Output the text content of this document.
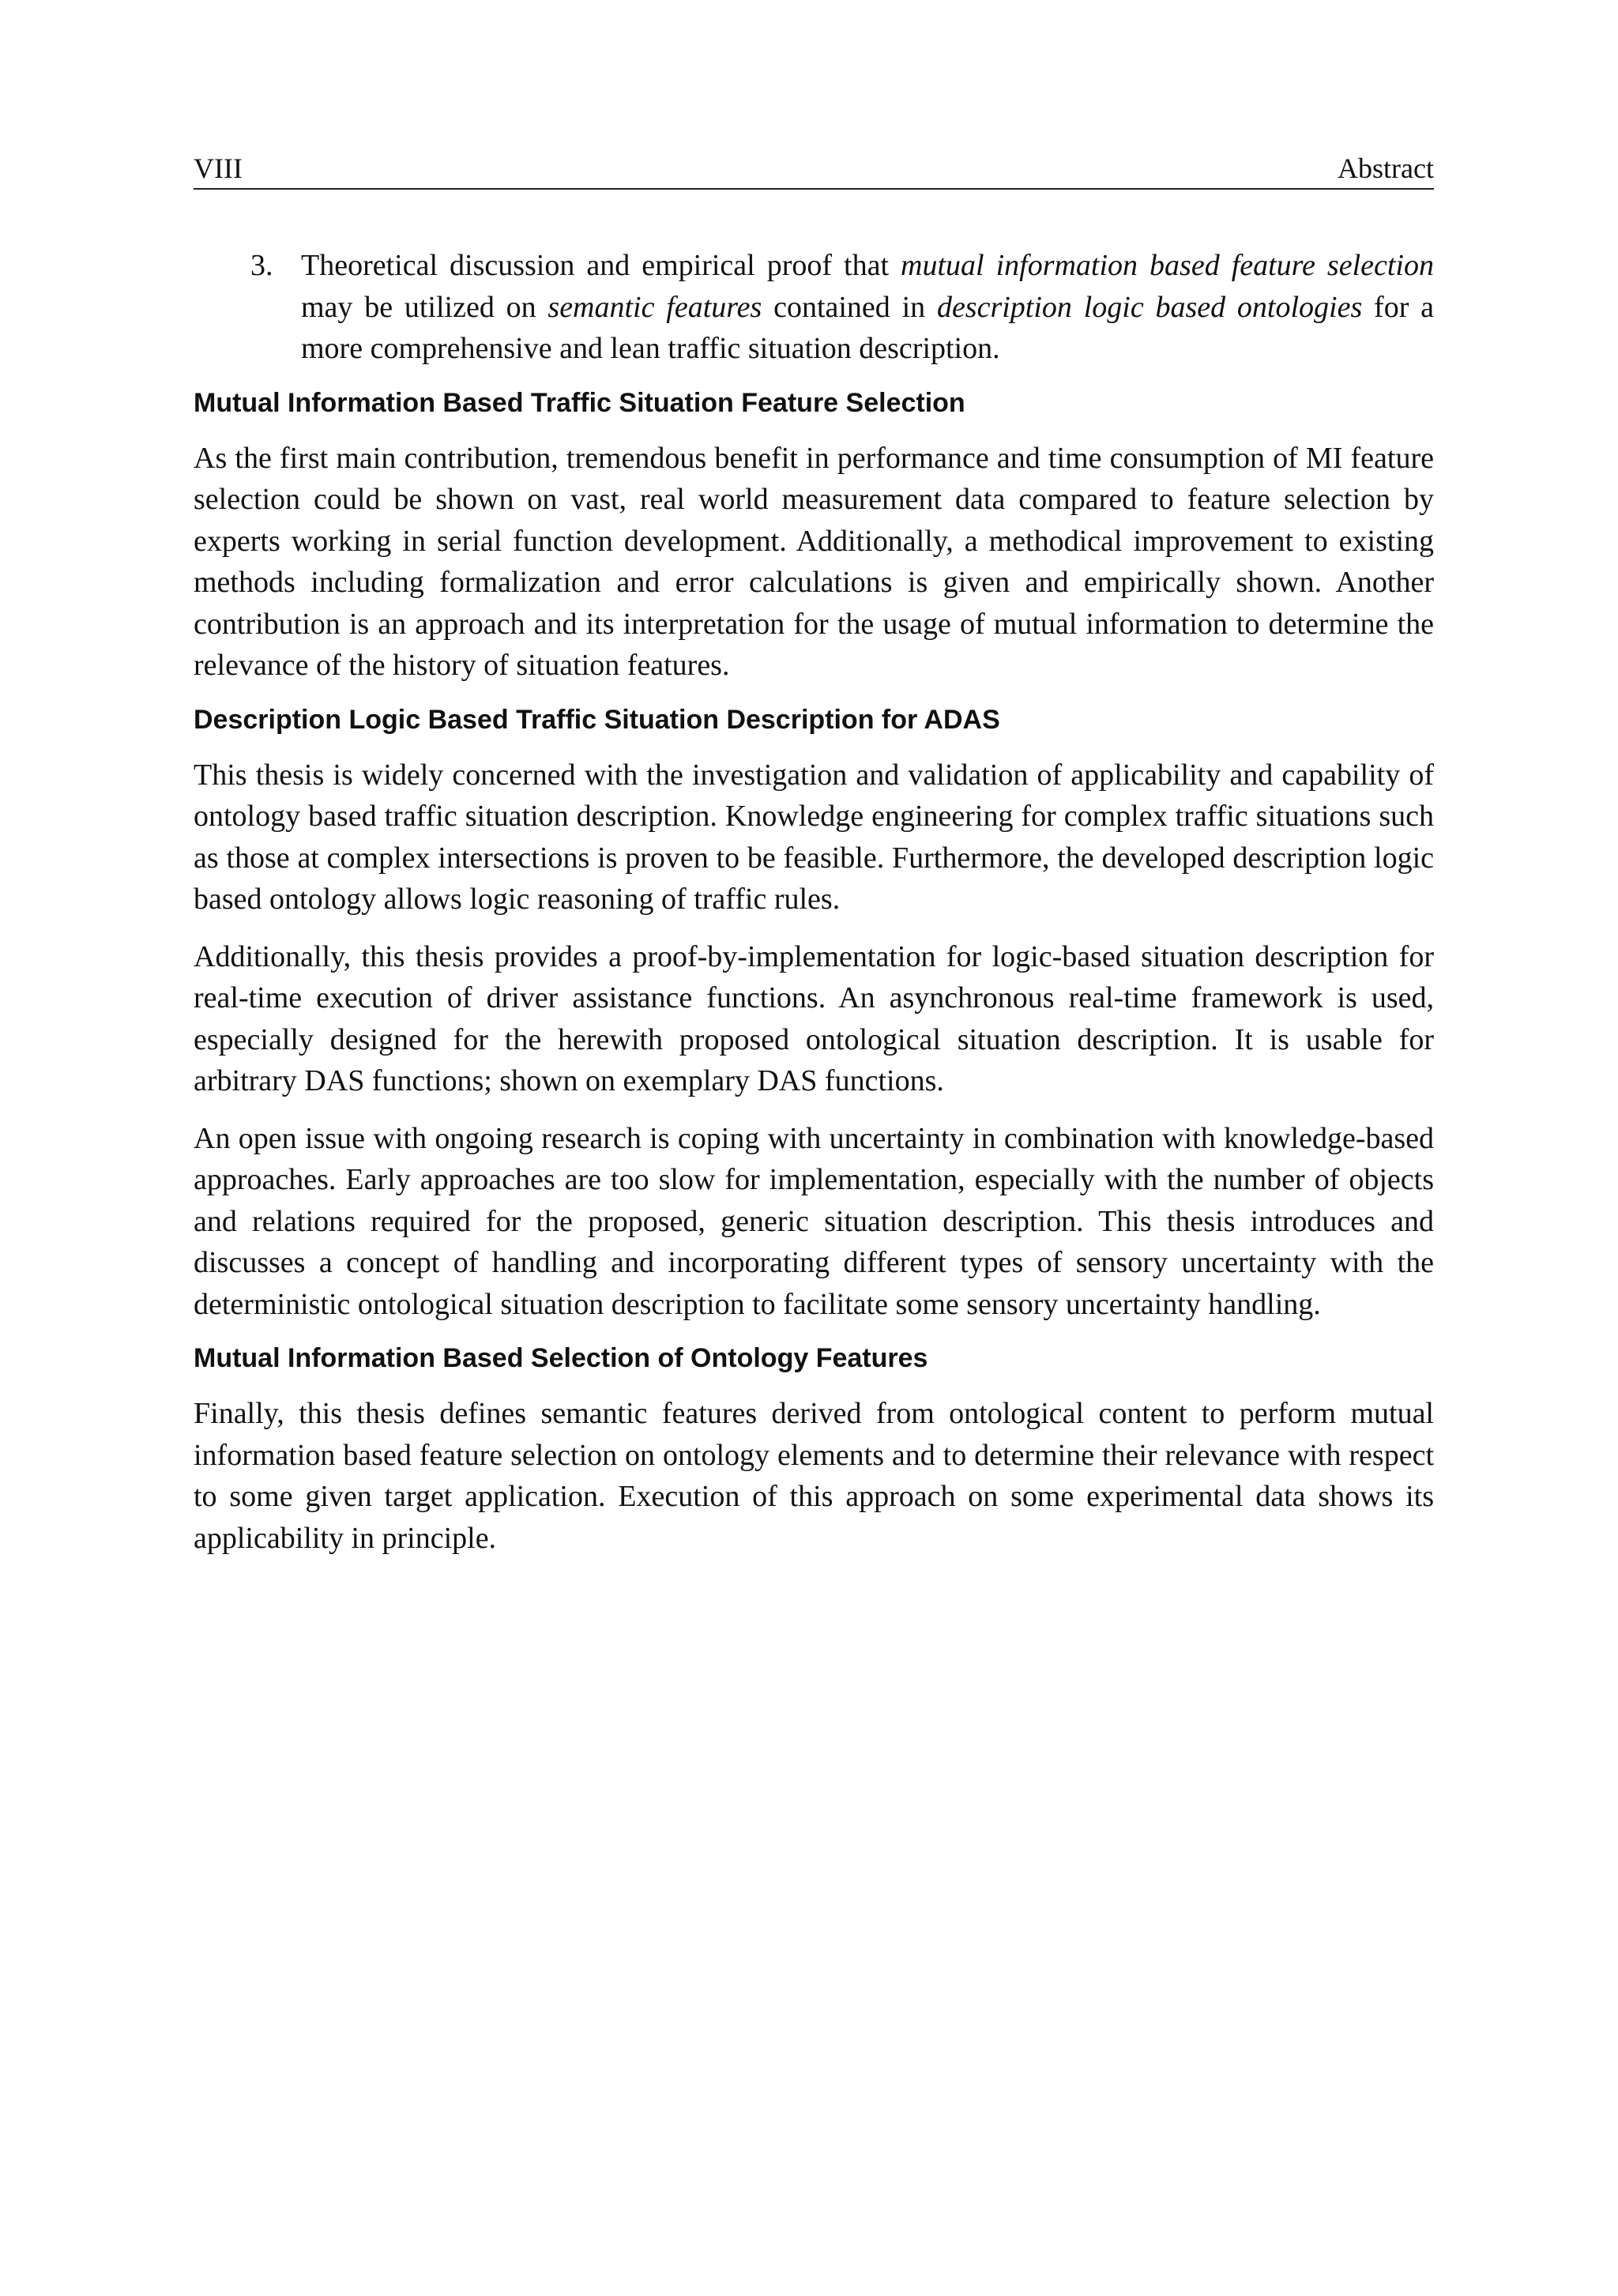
VIII	Abstract
3. Theoretical discussion and empirical proof that mutual information based feature selection may be utilized on semantic features contained in description logic based ontologies for a more comprehensive and lean traffic situation description.
Mutual Information Based Traffic Situation Feature Selection

As the first main contribution, tremendous benefit in performance and time consumption of MI feature selection could be shown on vast, real world measurement data compared to feature selection by experts working in serial function development. Additionally, a methodical improvement to existing methods including formalization and error calculations is given and empirically shown. Another contribution is an approach and its interpretation for the usage of mutual information to determine the relevance of the history of situation features.

Description Logic Based Traffic Situation Description for ADAS

This thesis is widely concerned with the investigation and validation of applicability and capability of ontology based traffic situation description. Knowledge engineering for complex traffic situations such as those at complex intersections is proven to be feasible. Furthermore, the developed description logic based ontology allows logic reasoning of traffic rules.

Additionally, this thesis provides a proof-by-implementation for logic-based situation description for real-time execution of driver assistance functions. An asynchronous real-time framework is used, especially designed for the herewith proposed ontological situation description. It is usable for arbitrary DAS functions; shown on exemplary DAS functions.

An open issue with ongoing research is coping with uncertainty in combination with knowledge-based approaches. Early approaches are too slow for implementation, especially with the number of objects and relations required for the proposed, generic situation description. This thesis introduces and discusses a concept of handling and incorporating different types of sensory uncertainty with the deterministic ontological situation description to facilitate some sensory uncertainty handling.

Mutual Information Based Selection of Ontology Features

Finally, this thesis defines semantic features derived from ontological content to perform mutual information based feature selection on ontology elements and to determine their relevance with respect to some given target application. Execution of this approach on some experimental data shows its applicability in principle.
